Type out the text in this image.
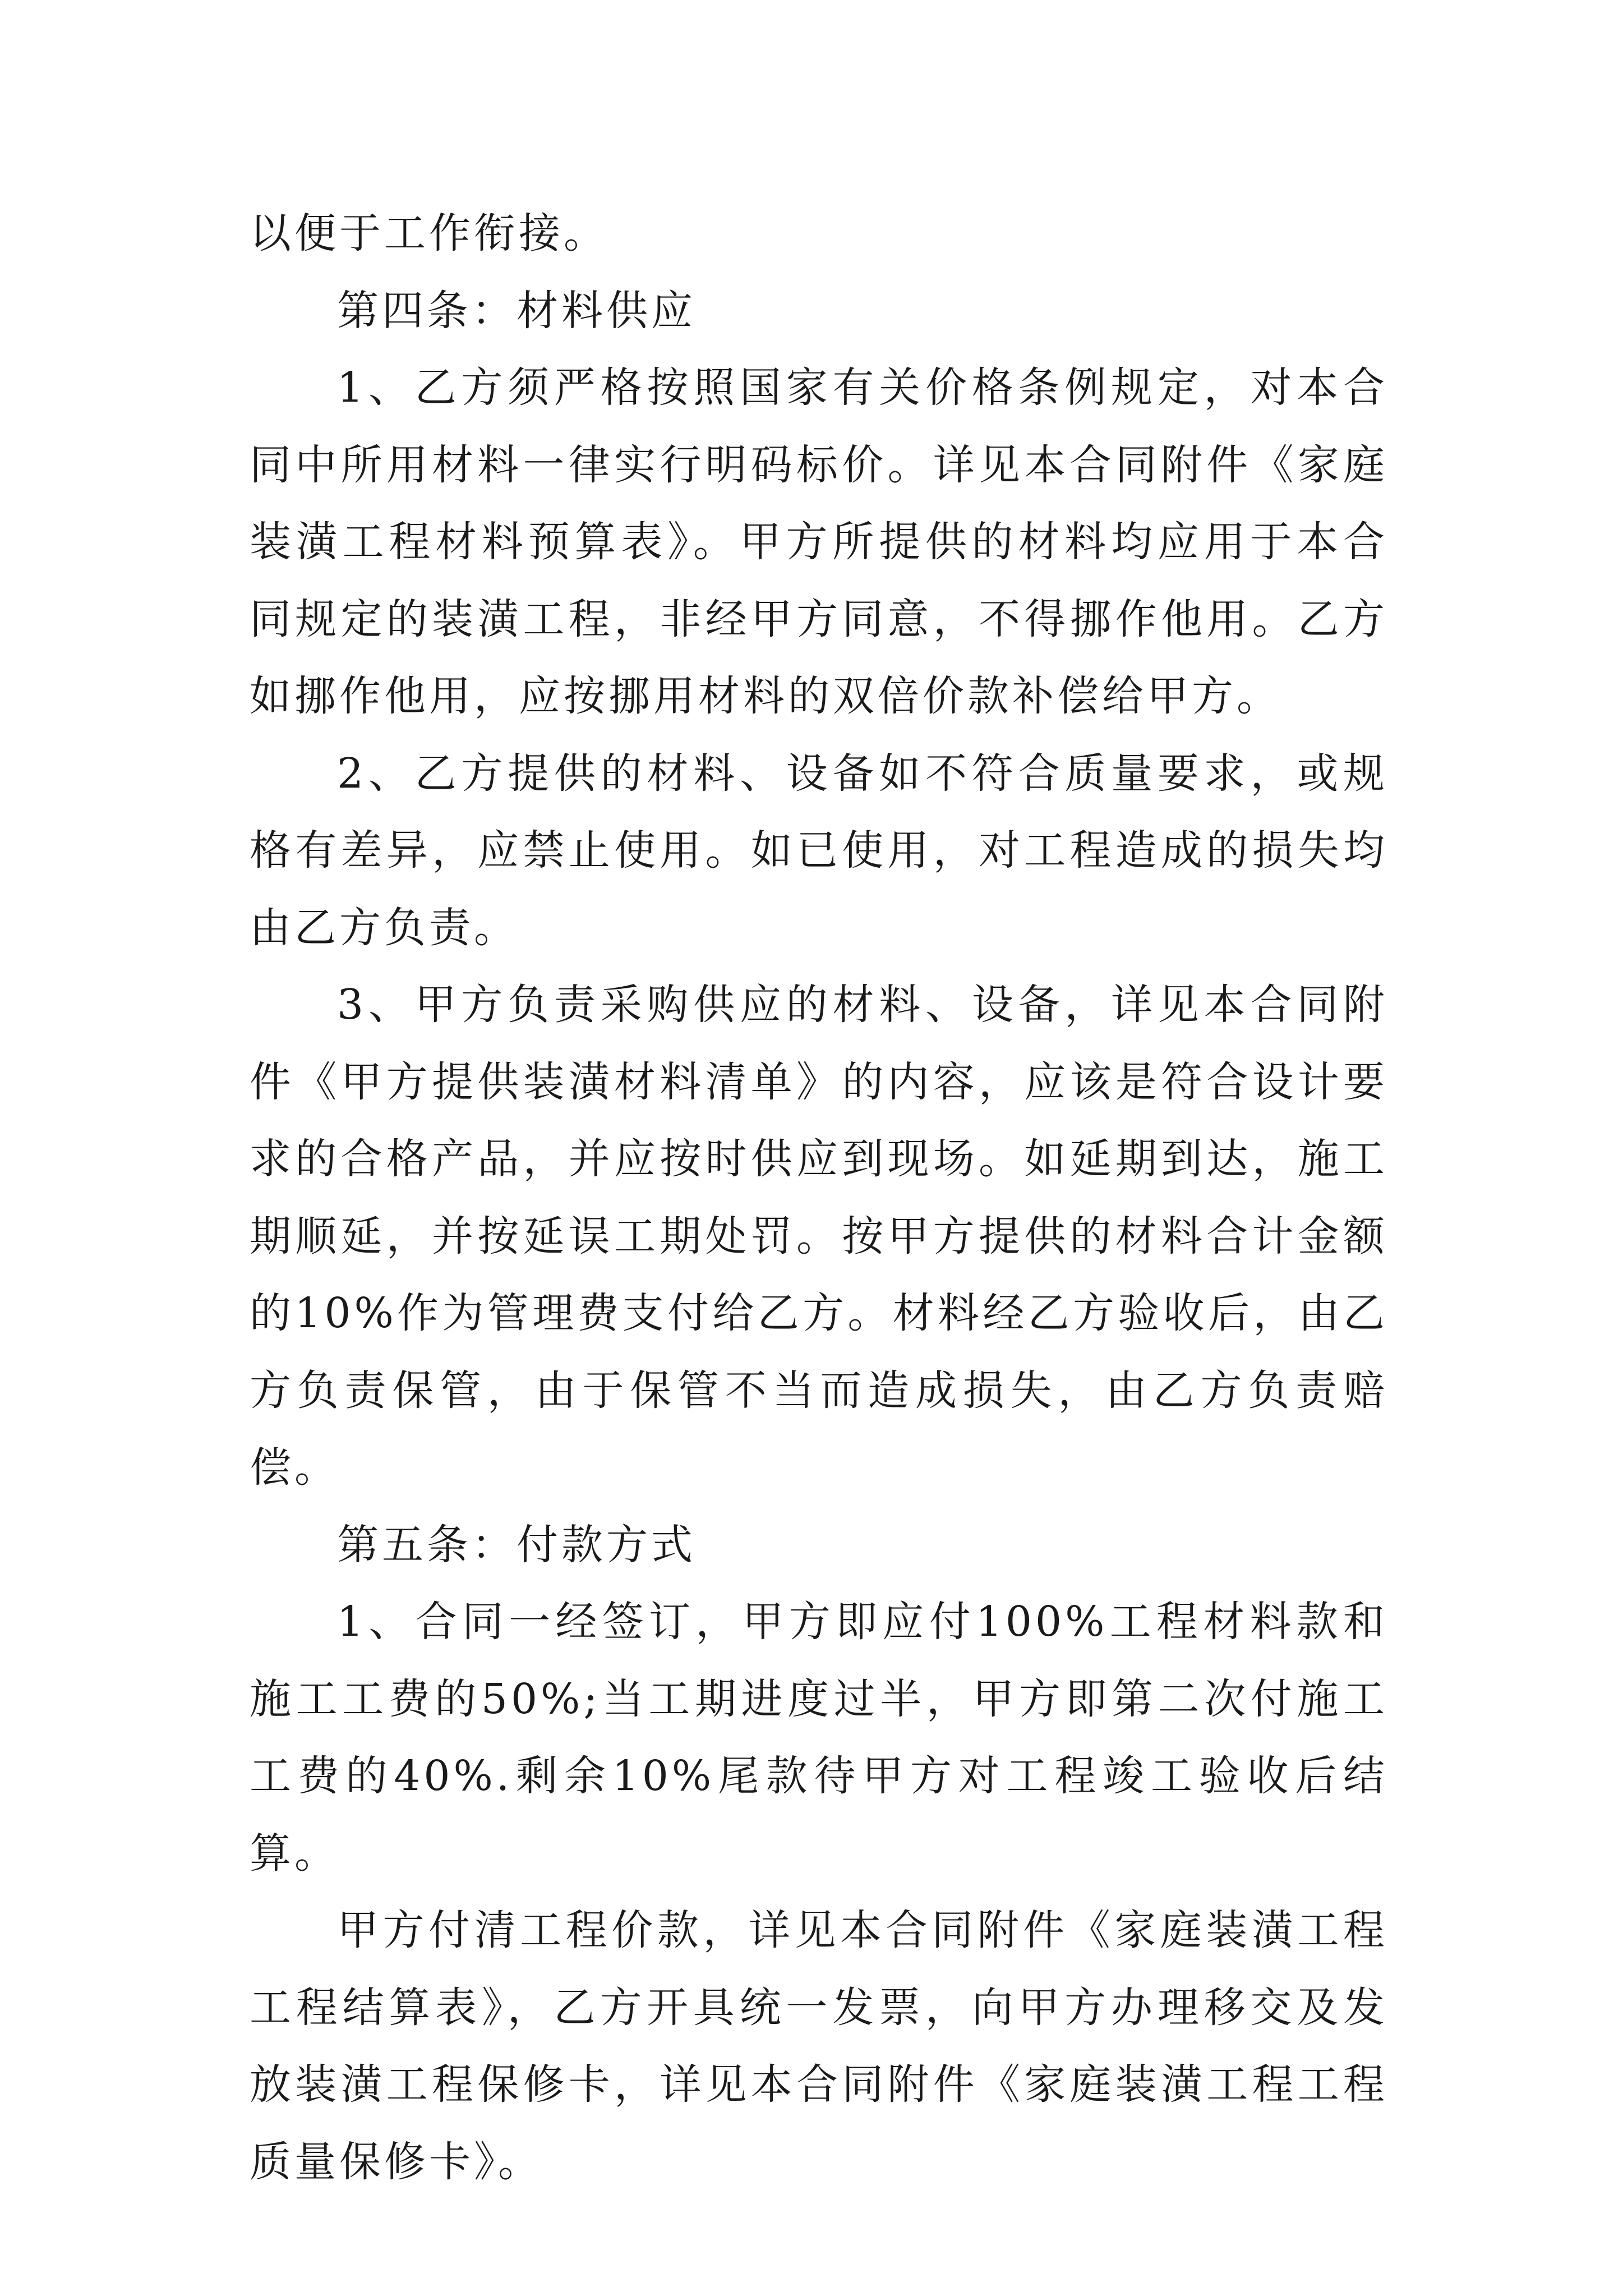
以便于工作衔接。

第四条：材料供应

1、乙方须严格按照国家有关价格条例规定，对本合同中所用材料一律实行明码标价。详见本合同附件《家庭装潢工程材料预算表》。甲方所提供的材料均应用于本合同规定的装潢工程，非经甲方同意，不得挪作他用。乙方如挪作他用，应按挪用材料的双倍价款补偿给甲方。

2、乙方提供的材料、设备如不符合质量要求，或规格有差异，应禁止使用。如已使用，对工程造成的损失均由乙方负责。

3、甲方负责采购供应的材料、设备，详见本合同附件《甲方提供装潢材料清单》的内容，应该是符合设计要求的合格产品，并应按时供应到现场。如延期到达，施工期顺延，并按延误工期处罚。按甲方提供的材料合计金额的10%作为管理费支付给乙方。材料经乙方验收后，由乙方负责保管，由于保管不当而造成损失，由乙方负责赔偿。

第五条：付款方式

1、合同一经签订，甲方即应付100%工程材料款和施工工费的50%;当工期进度过半，甲方即第二次付施工工费的40%.剩余10%尾款待甲方对工程竣工验收后结算。

甲方付清工程价款，详见本合同附件《家庭装潢工程工程结算表》，乙方开具统一发票，向甲方办理移交及发放装潢工程保修卡，详见本合同附件《家庭装潢工程工程质量保修卡》。
